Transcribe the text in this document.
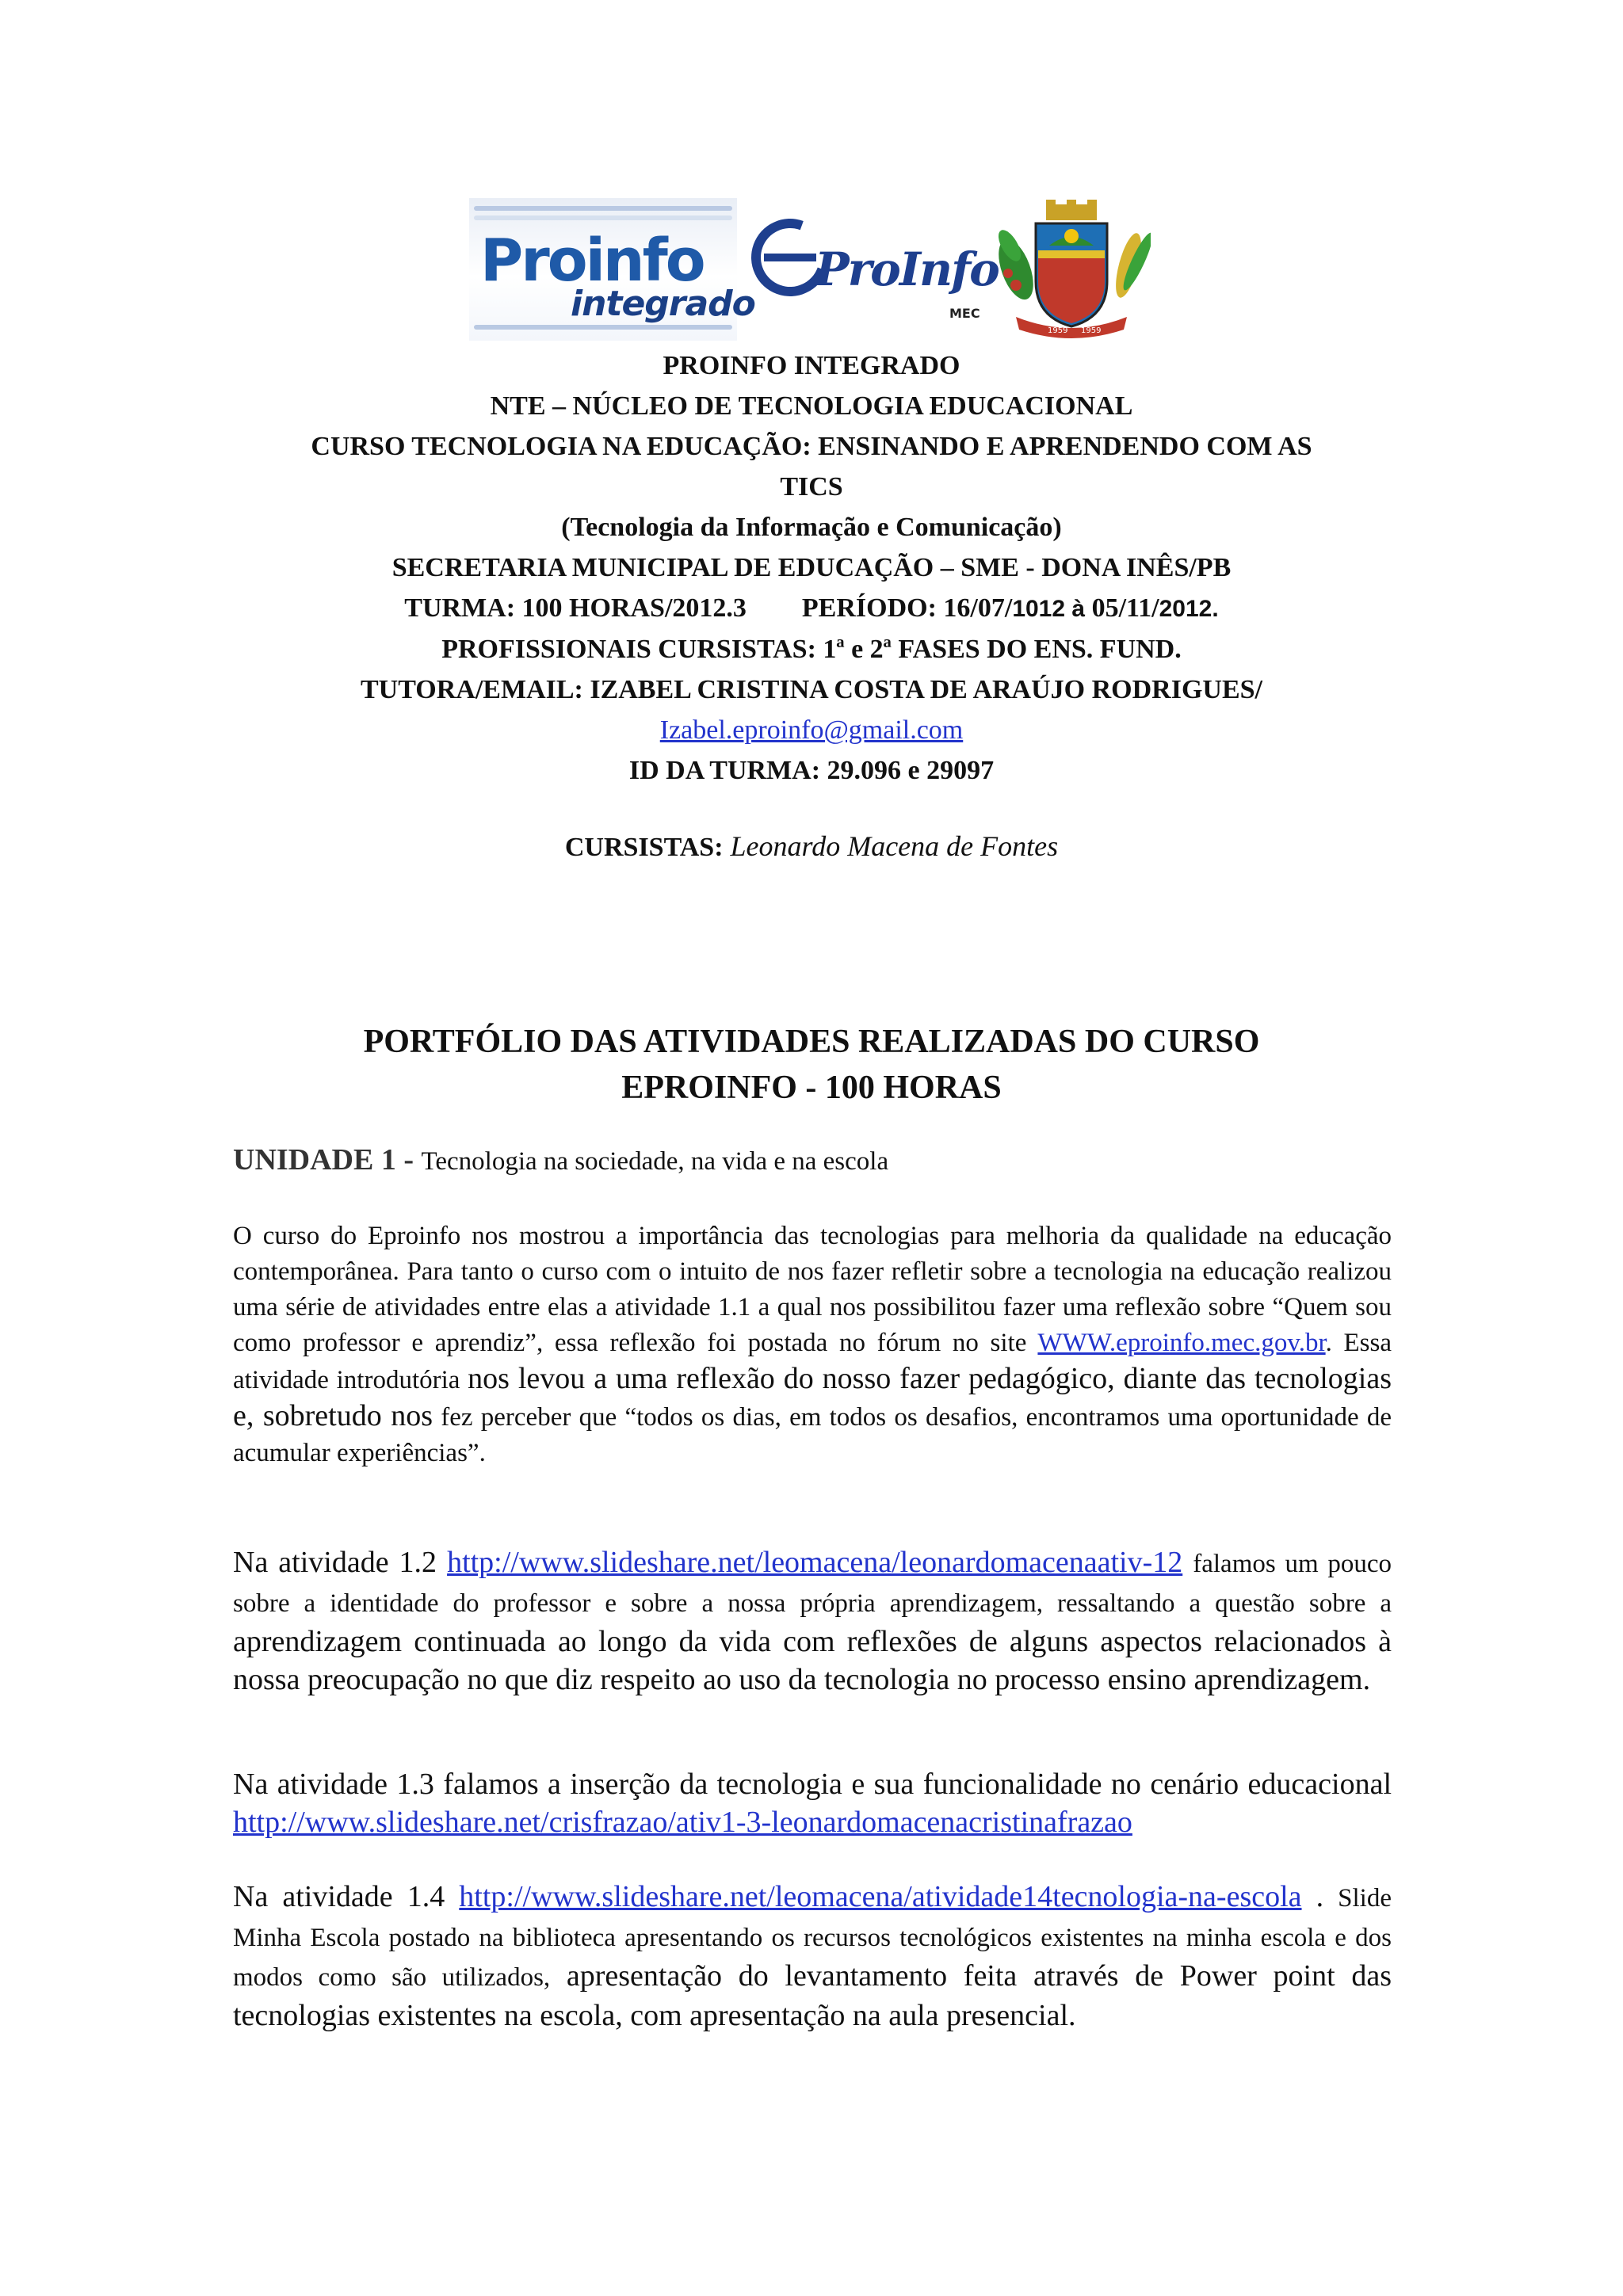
Proinfo
integrado
ProInfo
MEC
1959 1959
PROINFO INTEGRADO
NTE – NÚCLEO DE TECNOLOGIA EDUCACIONAL
CURSO TECNOLOGIA NA EDUCAÇÃO: ENSINANDO E APRENDENDO COM AS
TICS
(Tecnologia da Informação e Comunicação)
SECRETARIA MUNICIPAL DE EDUCAÇÃO – SME - DONA INÊS/PB
TURMA: 100 HORAS/2012.3 PERÍODO: 16/07/1012 à 05/11/2012.
PROFISSIONAIS CURSISTAS: 1ª e 2ª FASES DO ENS. FUND.
TUTORA/EMAIL: IZABEL CRISTINA COSTA DE ARAÚJO RODRIGUES/
Izabel.eproinfo@gmail.com
ID DA TURMA: 29.096 e 29097
CURSISTAS: Leonardo Macena de Fontes
PORTFÓLIO DAS ATIVIDADES REALIZADAS DO CURSO
EPROINFO - 100 HORAS
UNIDADE 1 - Tecnologia na sociedade, na vida e na escola
O curso do Eproinfo nos mostrou a importância das tecnologias para melhoria da qualidade na educação contemporânea. Para tanto o curso com o intuito de nos fazer refletir sobre a tecnologia na educação realizou uma série de atividades entre elas a atividade 1.1 a qual nos possibilitou fazer uma reflexão sobre “Quem sou como professor e aprendiz”, essa reflexão foi postada no fórum no site WWW.eproinfo.mec.gov.br. Essa atividade introdutória nos levou a uma reflexão do nosso fazer pedagógico, diante das tecnologias e, sobretudo nos fez perceber que “todos os dias, em todos os desafios, encontramos uma oportunidade de acumular experiências”.
Na atividade 1.2 http://www.slideshare.net/leomacena/leonardomacenaativ-12 falamos um pouco sobre a identidade do professor e sobre a nossa própria aprendizagem, ressaltando a questão sobre a aprendizagem continuada ao longo da vida com reflexões de alguns aspectos relacionados à nossa preocupação no que diz respeito ao uso da tecnologia no processo ensino aprendizagem.
Na atividade 1.3 falamos a inserção da tecnologia e sua funcionalidade no cenário educacional http://www.slideshare.net/crisfrazao/ativ1-3-leonardomacenacristinafrazao
Na atividade 1.4 http://www.slideshare.net/leomacena/atividade14tecnologia-na-escola . Slide Minha Escola postado na biblioteca apresentando os recursos tecnológicos existentes na minha escola e dos modos como são utilizados, apresentação do levantamento feita através de Power point das tecnologias existentes na escola, com apresentação na aula presencial.
